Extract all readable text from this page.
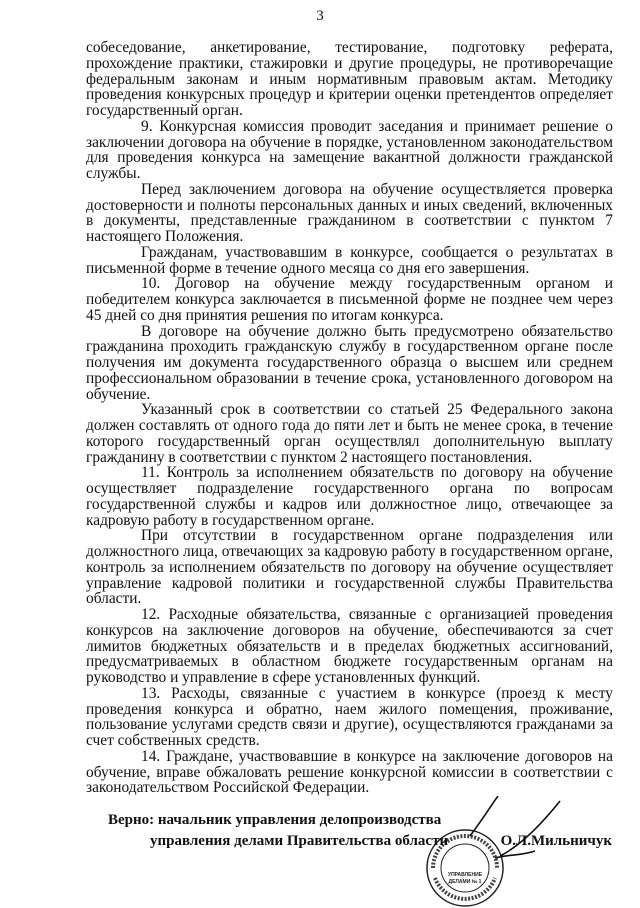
3

собеседование, анкетирование, тестирование, подготовку реферата, прохождение практики, стажировки и другие процедуры, не противоречащие федеральным законам и иным нормативным правовым актам. Методику проведения конкурсных процедур и критерии оценки претендентов определяет государственный орган.

9. Конкурсная комиссия проводит заседания и принимает решение о заключении договора на обучение в порядке, установленном законодательством для проведения конкурса на замещение вакантной должности гражданской службы.

Перед заключением договора на обучение осуществляется проверка достоверности и полноты персональных данных и иных сведений, включенных в документы, представленные гражданином в соответствии с пунктом 7 настоящего Положения.

Гражданам, участвовавшим в конкурсе, сообщается о результатах в письменной форме в течение одного месяца со дня его завершения.

10. Договор на обучение между государственным органом и победителем конкурса заключается в письменной форме не позднее чем через 45 дней со дня принятия решения по итогам конкурса.

В договоре на обучение должно быть предусмотрено обязательство гражданина проходить гражданскую службу в государственном органе после получения им документа государственного образца о высшем или среднем профессиональном образовании в течение срока, установленного договором на обучение.

Указанный срок в соответствии со статьей 25 Федерального закона должен составлять от одного года до пяти лет и быть не менее срока, в течение которого государственный орган осуществлял дополнительную выплату гражданину в соответствии с пунктом 2 настоящего постановления.

11. Контроль за исполнением обязательств по договору на обучение осуществляет подразделение государственного органа по вопросам государственной службы и кадров или должностное лицо, отвечающее за кадровую работу в государственном органе.

При отсутствии в государственном органе подразделения или должностного лица, отвечающих за кадровую работу в государственном органе, контроль за исполнением обязательств по договору на обучение осуществляет управление кадровой политики и государственной службы Правительства области.

12. Расходные обязательства, связанные с организацией проведения конкурсов на заключение договоров на обучение, обеспечиваются за счет лимитов бюджетных обязательств и в пределах бюджетных ассигнований, предусматриваемых в областном бюджете государственным органам на руководство и управление в сфере установленных функций.

13. Расходы, связанные с участием в конкурсе (проезд к месту проведения конкурса и обратно, наем жилого помещения, проживание, пользование услугами средств связи и другие), осуществляются гражданами за счет собственных средств.

14. Граждане, участвовавшие в конкурсе на заключение договоров на обучение, вправе обжаловать решение конкурсной комиссии в соответствии с законодательством Российской Федерации.

УПРАВЛЕНИЕ
ДЕЛАМИ № 1
Верно: начальник управления делопроизводства
управления делами Правительства области	О.Л.Мильничук
